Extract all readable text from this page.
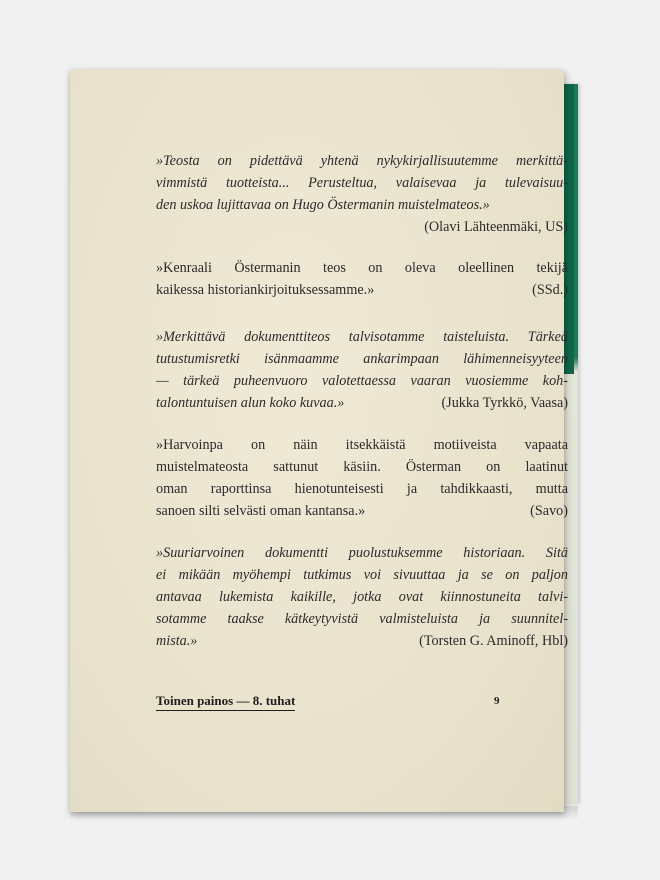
»Teosta on pidettävä yhtenä nykykirjallisuutemme merkittä-
vimmistä tuotteista... Perusteltua, valaisevaa ja tulevaisuu-
den uskoa lujittavaa on Hugo Östermanin muistelmateos.»
(Olavi Lähteenmäki, US)
»Kenraali Östermanin teos on oleva oleellinen tekijä
kaikessa historiankirjoituksessamme.»	(SSd.)
»Merkittävä dokumenttiteos talvisotamme taisteluista. Tärkeä
tutustumisretki isänmaamme ankarimpaan lähimenneisyyteen
— tärkeä puheenvuoro valotettaessa vaaran vuosiemme koh-
talontuntuisen alun koko kuvaa.»	(Jukka Tyrkkö, Vaasa)
»Harvoinpa on näin itsekkäistä motiiveista vapaata
muistelmateosta sattunut käsiin. Österman on laatinut
oman raporttinsa hienotunteisesti ja tahdikkaasti, mutta
sanoen silti selvästi oman kantansa.»	(Savo)
»Suuriarvoinen dokumentti puolustuksemme historiaan. Sitä
ei mikään myöhempi tutkimus voi sivuuttaa ja se on paljon
antavaa lukemista kaikille, jotka ovat kiinnostuneita talvi-
sotamme taakse kätkeytyvistä valmisteluista ja suunnitel-
mista.»	(Torsten G. Aminoff, Hbl)
Toinen painos — 8. tuhat	9
